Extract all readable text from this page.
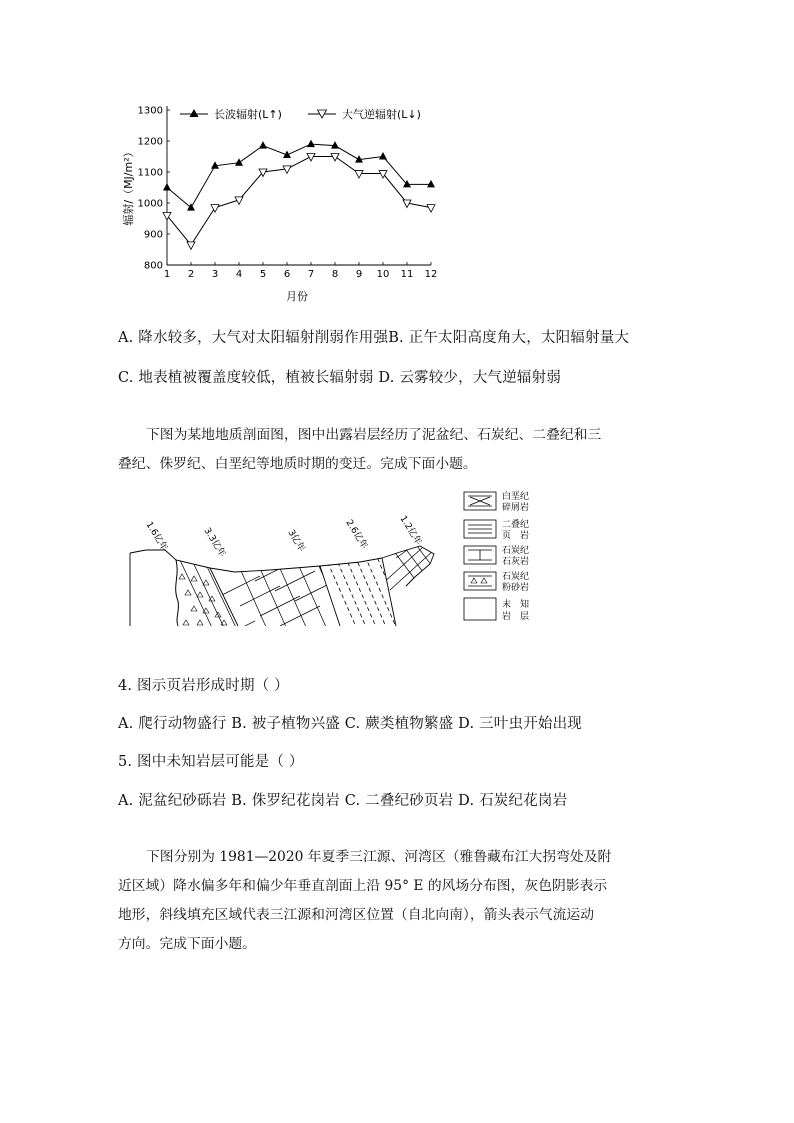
800
900
1000
1100
1200
1300
1 2 3 4 5 6 7 8 9 10 11 12
辐射/（MJ/m²）
月份
长波辐射(L↑)	大气逆辐射(L↓)
A. 降水较多，大气对太阳辐射削弱作用强B. 正午太阳高度角大，太阳辐射量大
C. 地表植被覆盖度较低，植被长辐射弱 D. 云雾较少，大气逆辐射弱
下图为某地地质剖面图，图中出露岩层经历了泥盆纪、石炭纪、二叠纪和三
叠纪、侏罗纪、白垩纪等地质时期的变迁。完成下面小题。
1.6亿年	3.3亿年	3亿年	2.6亿年	1.2亿年
白垩纪
碎屑岩
二叠纪
页　岩
石炭纪
石灰岩
石炭纪
粉砂岩
未　知
岩　层
4. 图示页岩形成时期（ ）
A. 爬行动物盛行 B. 被子植物兴盛 C. 蕨类植物繁盛 D. 三叶虫开始出现
5. 图中未知岩层可能是（ ）
A. 泥盆纪砂砾岩 B. 侏罗纪花岗岩 C. 二叠纪砂页岩 D. 石炭纪花岗岩
下图分别为 1981—2020 年夏季三江源、河湾区（雅鲁藏布江大拐弯处及附
近区域）降水偏多年和偏少年垂直剖面上沿 95° E 的风场分布图，灰色阴影表示
地形，斜线填充区域代表三江源和河湾区位置（自北向南），箭头表示气流运动
方向。完成下面小题。
